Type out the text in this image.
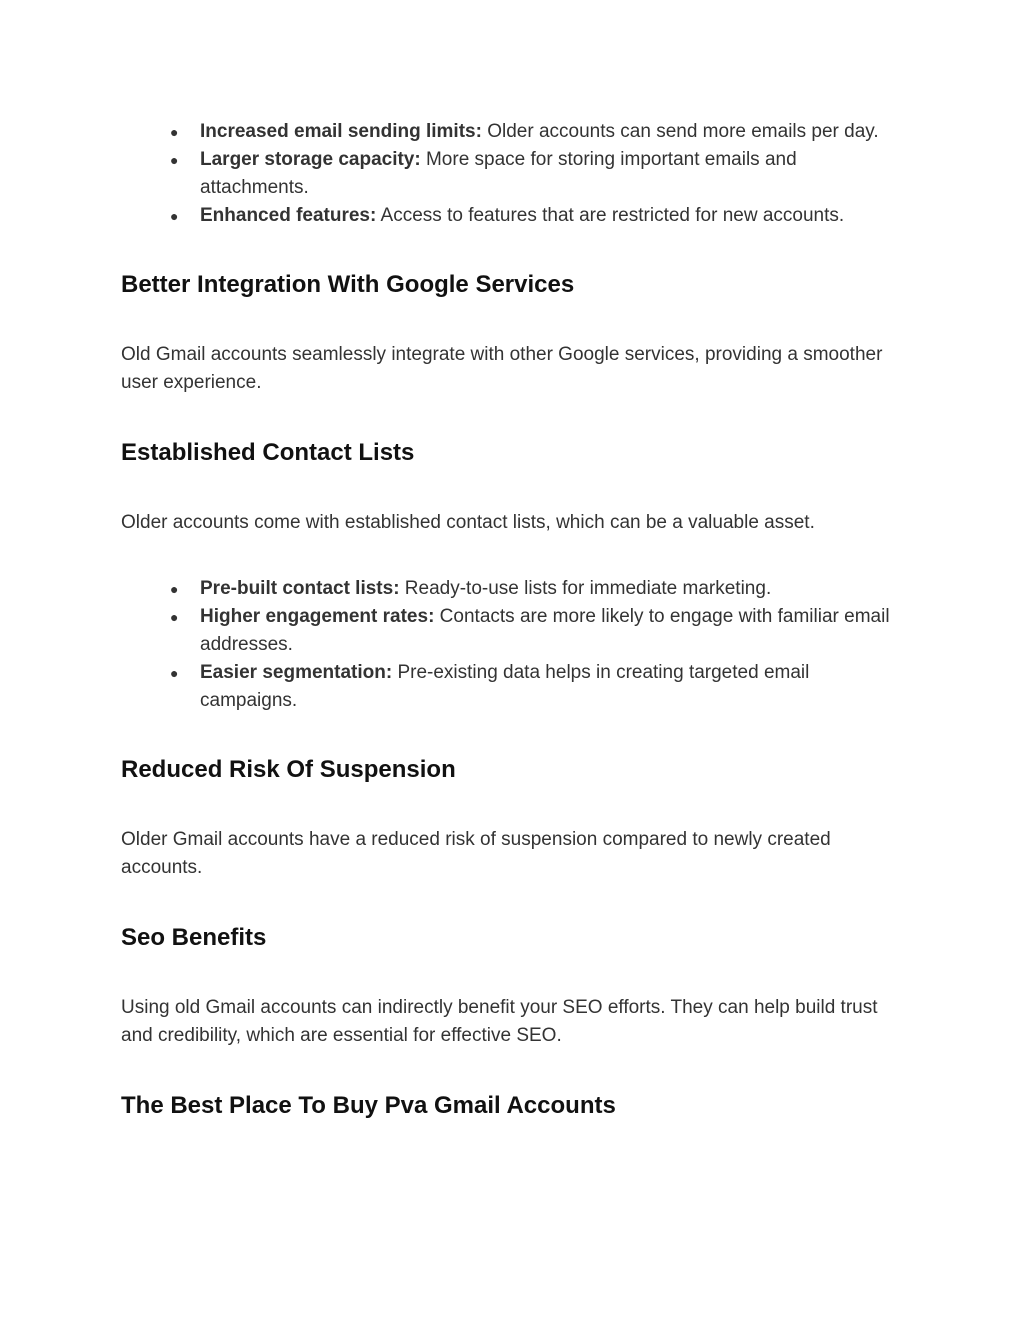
● Increased email sending limits: Older accounts can send more emails per day.
● Larger storage capacity: More space for storing important emails and attachments.
● Enhanced features: Access to features that are restricted for new accounts.
Better Integration With Google Services

Old Gmail accounts seamlessly integrate with other Google services, providing a smoother user experience.

Established Contact Lists

Older accounts come with established contact lists, which can be a valuable asset.

● Pre-built contact lists: Ready-to-use lists for immediate marketing.
● Higher engagement rates: Contacts are more likely to engage with familiar email addresses.
● Easier segmentation: Pre-existing data helps in creating targeted email campaigns.
Reduced Risk Of Suspension

Older Gmail accounts have a reduced risk of suspension compared to newly created accounts.

Seo Benefits

Using old Gmail accounts can indirectly benefit your SEO efforts. They can help build trust and credibility, which are essential for effective SEO.

The Best Place To Buy Pva Gmail Accounts
